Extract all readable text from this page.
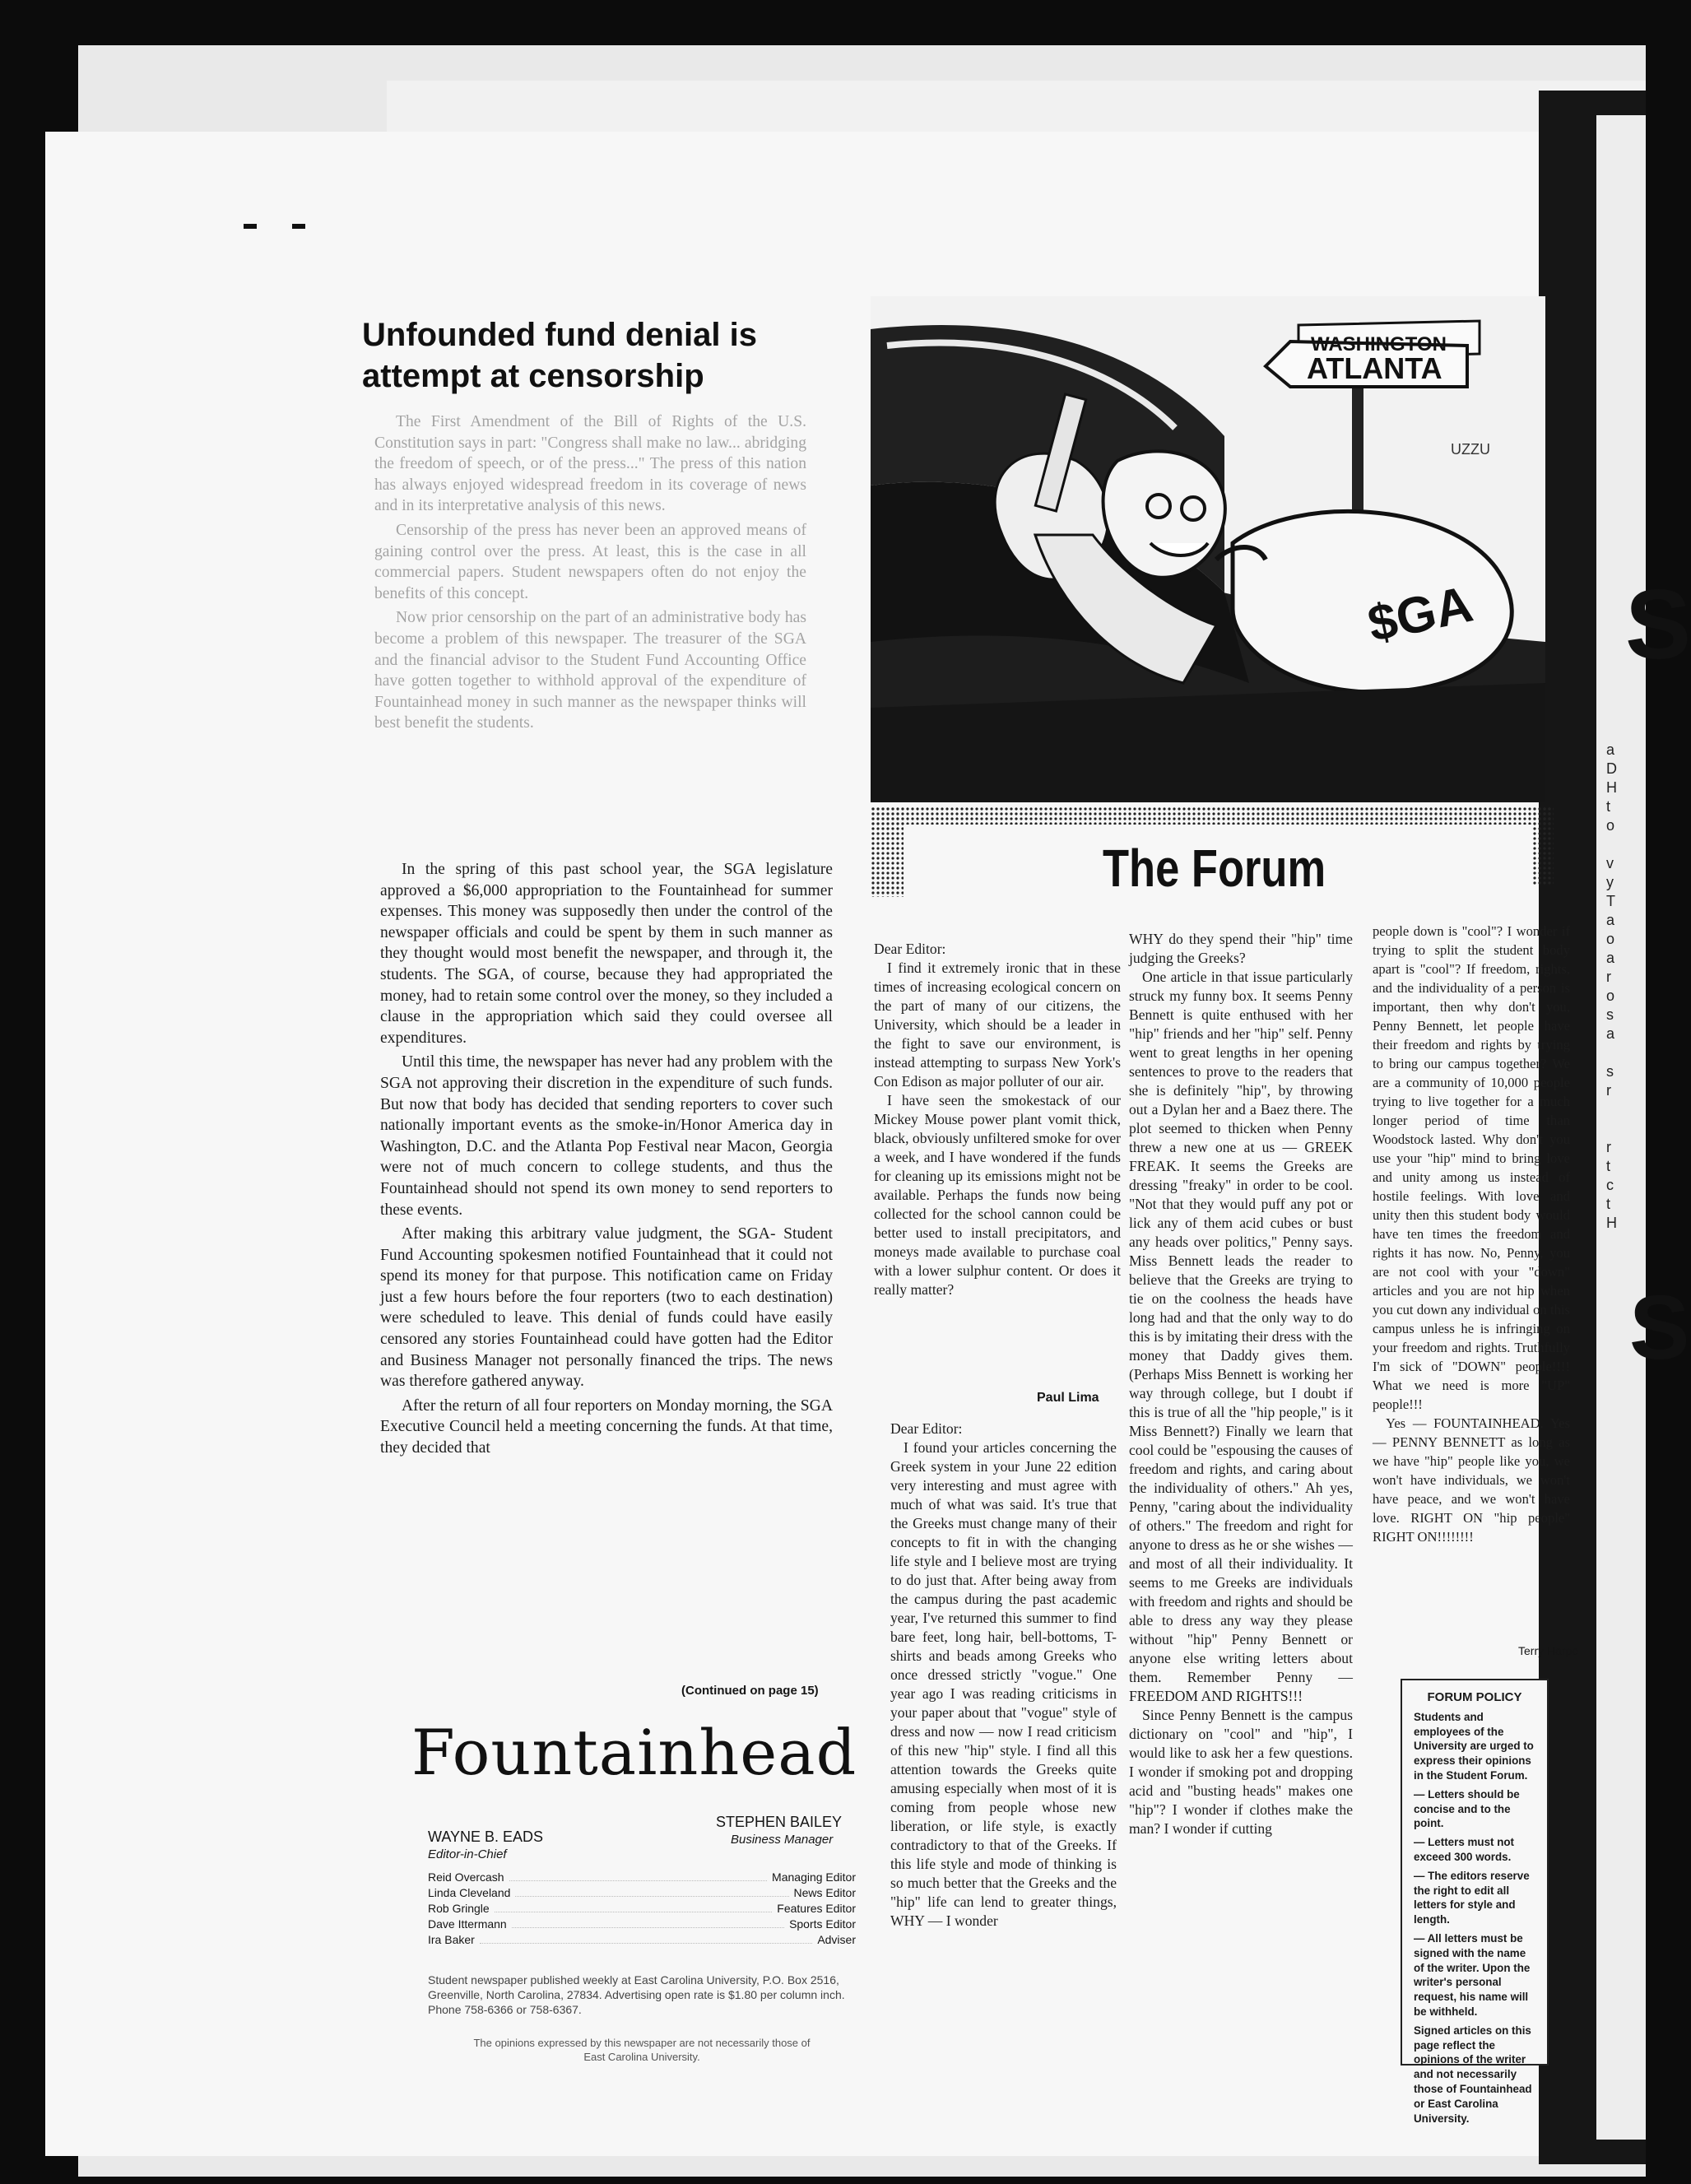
Unfounded fund denial is attempt at censorship

The First Amendment of the Bill of Rights of the U.S. Constitution says in part: "Congress shall make no law... abridging the freedom of speech, or of the press..." The press of this nation has always enjoyed widespread freedom in its coverage of news and in its interpretative analysis of this news.

Censorship of the press has never been an approved means of gaining control over the press. At least, this is the case in all commercial papers. Student newspapers often do not enjoy the benefits of this concept.

Now prior censorship on the part of an administrative body has become a problem of this newspaper. The treasurer of the SGA and the financial advisor to the Student Fund Accounting Office have gotten together to withhold approval of the expenditure of Fountainhead money in such manner as the newspaper thinks will best benefit the students.

In the spring of this past school year, the SGA legislature approved a $6,000 appropriation to the Fountainhead for summer expenses. This money was supposedly then under the control of the newspaper officials and could be spent by them in such manner as they thought would most benefit the newspaper, and through it, the students. The SGA, of course, because they had appropriated the money, had to retain some control over the money, so they included a clause in the appropriation which said they could oversee all expenditures.

Until this time, the newspaper has never had any problem with the SGA not approving their discretion in the expenditure of such funds. But now that body has decided that sending reporters to cover such nationally important events as the smoke-in/Honor America day in Washington, D.C. and the Atlanta Pop Festival near Macon, Georgia were not of much concern to college students, and thus the Fountainhead should not spend its own money to send reporters to these events.

After making this arbitrary value judgment, the SGA- Student Fund Accounting spokesmen notified Fountainhead that it could not spend its money for that purpose. This notification came on Friday just a few hours before the four reporters (two to each destination) were scheduled to leave. This denial of funds could have easily censored any stories Fountainhead could have gotten had the Editor and Business Manager not personally financed the trips. The news was therefore gathered anyway.

After the return of all four reporters on Monday morning, the SGA Executive Council held a meeting concerning the funds. At that time, they decided that

(Continued on page 15)
Fountainhead
WAYNE B. EADS
Editor-in-Chief
STEPHEN BAILEY
Business Manager
Reid Overcash	Managing Editor
Linda Cleveland	News Editor
Rob Gringle	Features Editor
Dave Ittermann	Sports Editor
Ira Baker	Adviser
Student newspaper published weekly at East Carolina University, P.O. Box 2516, Greenville, North Carolina, 27834. Advertising open rate is $1.80 per column inch. Phone 758-6366 or 758-6367.
The opinions expressed by this newspaper are not necessarily those of East Carolina University.
WASHINGTON
ATLANTA
UZZU
$GA
The Forum

Dear Editor:

I find it extremely ironic that in these times of increasing ecological concern on the part of many of our citizens, the University, which should be a leader in the fight to save our environment, is instead attempting to surpass New York's Con Edison as major polluter of our air.

I have seen the smokestack of our Mickey Mouse power plant vomit thick, black, obviously unfiltered smoke for over a week, and I have wondered if the funds for cleaning up its emissions might not be available. Perhaps the funds now being collected for the school cannon could be better used to install precipitators, and moneys made available to purchase coal with a lower sulphur content. Or does it really matter?

Paul Lima

Dear Editor:

I found your articles concerning the Greek system in your June 22 edition very interesting and must agree with much of what was said. It's true that the Greeks must change many of their concepts to fit in with the changing life style and I believe most are trying to do just that. After being away from the campus during the past academic year, I've returned this summer to find bare feet, long hair, bell-bottoms, T-shirts and beads among Greeks who once dressed strictly "vogue." One year ago I was reading criticisms in your paper about that "vogue" style of dress and now — now I read criticism of this new "hip" style. I find all this attention towards the Greeks quite amusing especially when most of it is coming from people whose new liberation, or life style, is exactly contradictory to that of the Greeks. If this life style and mode of thinking is so much better that the Greeks and the "hip" life can lend to greater things, WHY — I wonder

WHY do they spend their "hip" time judging the Greeks?

One article in that issue particularly struck my funny box. It seems Penny Bennett is quite enthused with her "hip" friends and her "hip" self. Penny went to great lengths in her opening sentences to prove to the readers that she is definitely "hip", by throwing out a Dylan her and a Baez there. The plot seemed to thicken when Penny threw a new one at us — GREEK FREAK. It seems the Greeks are dressing "freaky" in order to be cool. "Not that they would puff any pot or lick any of them acid cubes or bust any heads over politics," Penny says. Miss Bennett leads the reader to believe that the Greeks are trying to tie on the coolness the heads have long had and that the only way to do this is by imitating their dress with the money that Daddy gives them. (Perhaps Miss Bennett is working her way through college, but I doubt if this is true of all the "hip people," is it Miss Bennett?) Finally we learn that cool could be "espousing the causes of freedom and rights, and caring about the individuality of others." Ah yes, Penny, "caring about the individuality of others." The freedom and right for anyone to dress as he or she wishes — and most of all their individuality. It seems to me Greeks are individuals with freedom and rights and should be able to dress any way they please without "hip" Penny Bennett or anyone else writing letters about them. Remember Penny — FREEDOM AND RIGHTS!!!

Since Penny Bennett is the campus dictionary on "cool" and "hip", I would like to ask her a few questions. I wonder if smoking pot and dropping acid and "busting heads" makes one "hip"? I wonder if clothes make the man? I wonder if cutting

people down is "cool"? I wonder if trying to split the student body apart is "cool"? If freedom, rights, and the individuality of a person is important, then why don't you, Penny Bennett, let people have their freedom and rights by trying to bring our campus together? We are a community of 10,000 people trying to live together for a much longer period of time than Woodstock lasted. Why don't you use your "hip" mind to bring love and unity among us instead of hostile feelings. With love and unity then this student body would have ten times the freedom and rights it has now. No, Penny, you are not cool with your "down" articles and you are not hip when you cut down any individual on this campus unless he is infringing on your freedom and rights. Truthfully I'm sick of "DOWN" people!!!! What we need is more "UP" people!!!

Yes — FOUNTAINHEAD. Yes — PENNY BENNETT as long as we have "hip" people like you, we won't have individuals, we won't have peace, and we won't have love. RIGHT ON "hip people" RIGHT ON!!!!!!!!

Terry Harpe
FORUM POLICY

Students and employees of the University are urged to express their opinions in the Student Forum.

— Letters should be concise and to the point.

— Letters must not exceed 300 words.

— The editors reserve the right to edit all letters for style and length.

— All letters must be signed with the name of the writer. Upon the writer's personal request, his name will be withheld.

Signed articles on this page reflect the opinions of the writer and not necessarily those of Fountainhead or East Carolina University.

S
S
a
D
H
t
o

v
y
T
a
o
a
r
o
s
a

s
r

r
t
c
t
H
